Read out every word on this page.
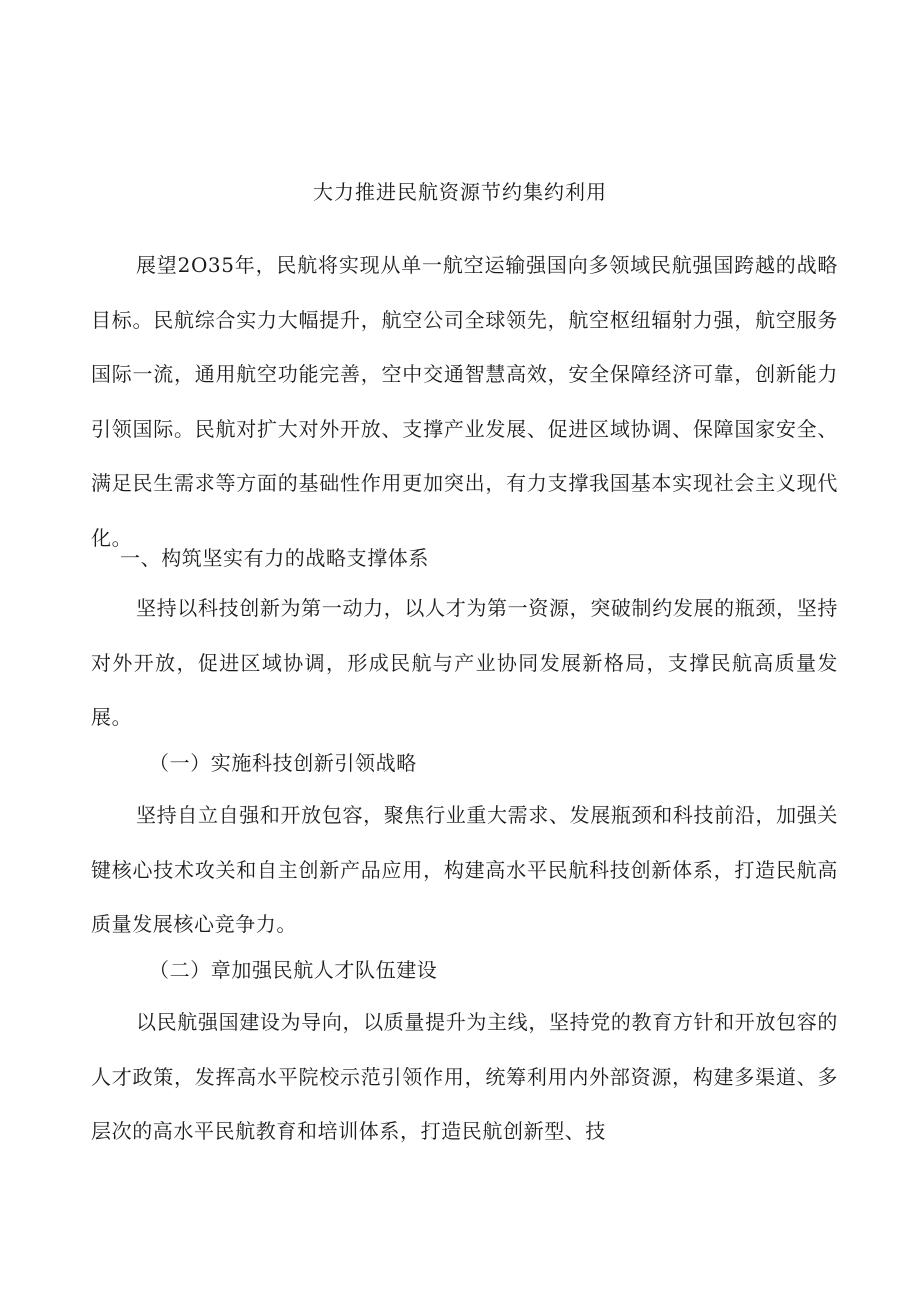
大力推进民航资源节约集约利用

展望2O35年，民航将实现从单一航空运输强国向多领域民航强国跨越的战略目标。民航综合实力大幅提升，航空公司全球领先，航空枢纽辐射力强，航空服务国际一流，通用航空功能完善，空中交通智慧高效，安全保障经济可靠，创新能力引领国际。民航对扩大对外开放、支撑产业发展、促进区域协调、保障国家安全、满足民生需求等方面的基础性作用更加突出，有力支撑我国基本实现社会主义现代化。

一、构筑坚实有力的战略支撑体系

坚持以科技创新为第一动力，以人才为第一资源，突破制约发展的瓶颈，坚持对外开放，促进区域协调，形成民航与产业协同发展新格局，支撑民航高质量发展。

（一）实施科技创新引领战略

坚持自立自强和开放包容，聚焦行业重大需求、发展瓶颈和科技前沿，加强关键核心技术攻关和自主创新产品应用，构建高水平民航科技创新体系，打造民航高质量发展核心竞争力。

（二）章加强民航人才队伍建设

以民航强国建设为导向，以质量提升为主线，坚持党的教育方针和开放包容的人才政策，发挥高水平院校示范引领作用，统筹利用内外部资源，构建多渠道、多层次的高水平民航教育和培训体系，打造民航创新型、技
